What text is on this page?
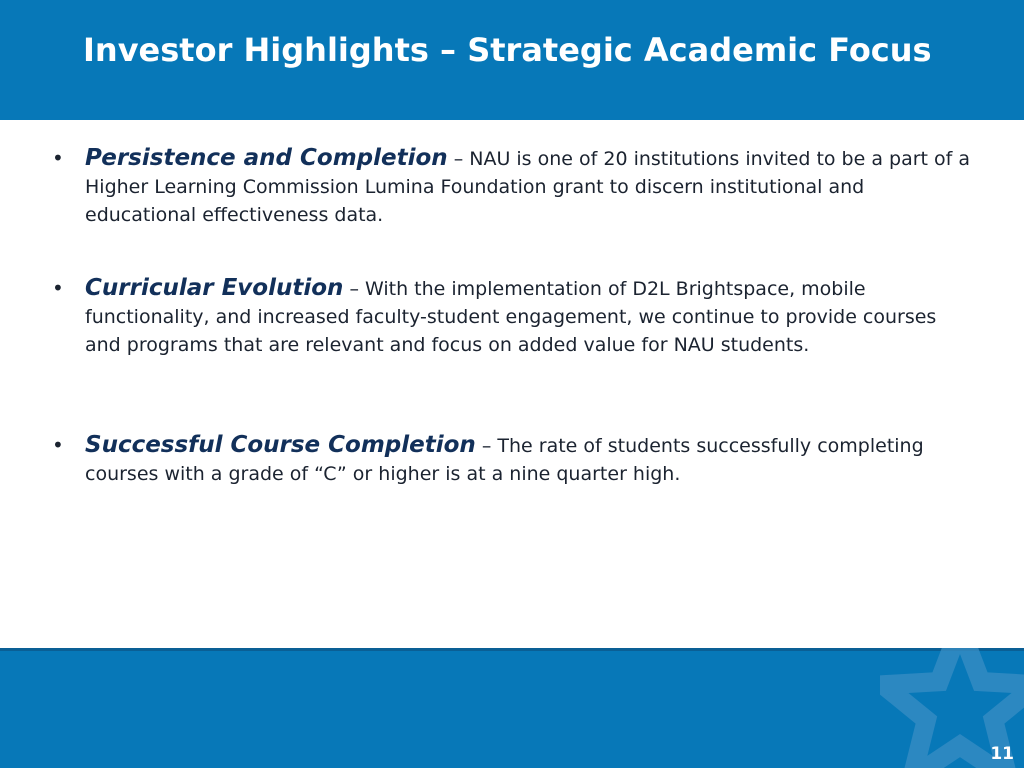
Investor Highlights – Strategic Academic Focus
• Persistence and Completion – NAU is one of 20 institutions invited to be a part of a Higher Learning Commission Lumina Foundation grant to discern institutional and educational effectiveness data.

• Curricular Evolution – With the implementation of D2L Brightspace, mobile functionality, and increased faculty-student engagement, we continue to provide courses and programs that are relevant and focus on added value for NAU students.

• Successful Course Completion – The rate of students successfully completing courses with a grade of “C” or higher is at a nine quarter high.

11
